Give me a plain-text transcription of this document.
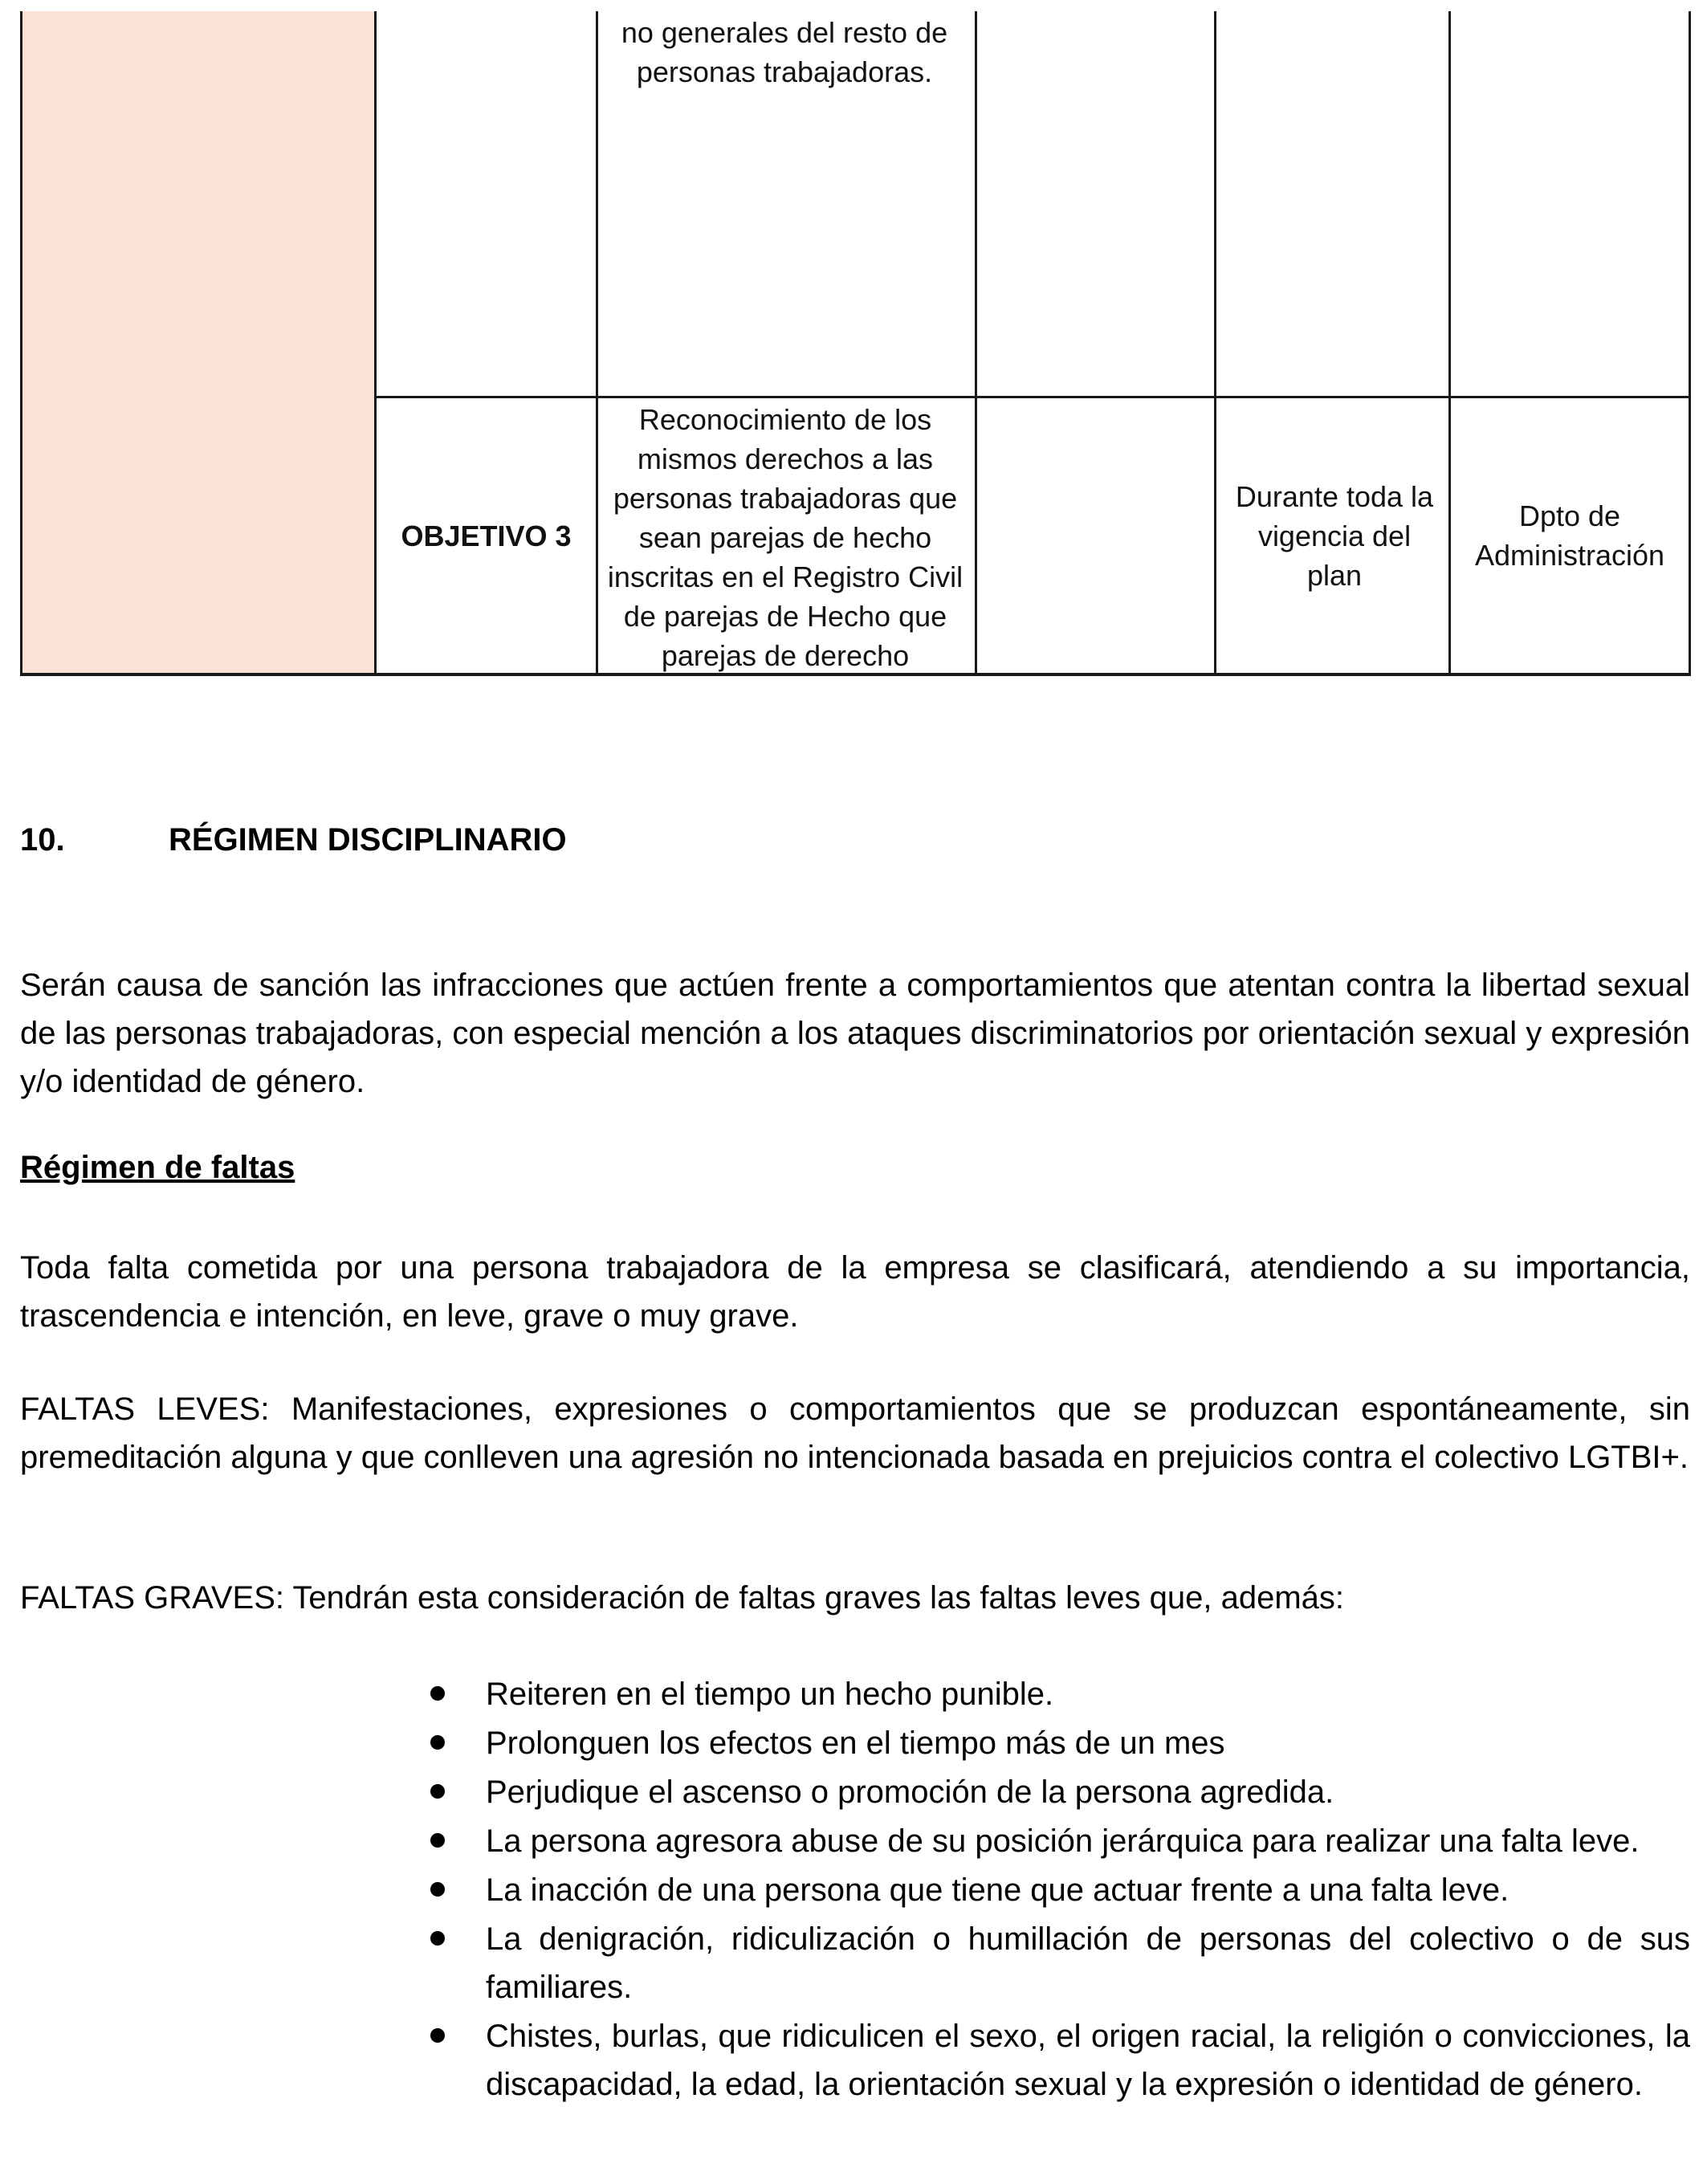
no generales del resto de personas trabajadoras.
OBJETIVO 3
Reconocimiento de los mismos derechos a las personas trabajadoras que sean parejas de hecho inscritas en el Registro Civil de parejas de Hecho que parejas de derecho
Durante toda la vigencia del plan
Dpto de Administración
10.	RÉGIMEN DISCIPLINARIO

Serán causa de sanción las infracciones que actúen frente a comportamientos que atentan contra la libertad sexual de las personas trabajadoras, con especial mención a los ataques discriminatorios por orientación sexual y expresión y/o identidad de género.

Régimen de faltas

Toda falta cometida por una persona trabajadora de la empresa se clasificará, atendiendo a su importancia, trascendencia e intención, en leve, grave o muy grave.

FALTAS LEVES: Manifestaciones, expresiones o comportamientos que se produzcan espontáneamente, sin premeditación alguna y que conlleven una agresión no intencionada basada en prejuicios contra el colectivo LGTBI+.

FALTAS GRAVES: Tendrán esta consideración de faltas graves las faltas leves que, además:

Reiteren en el tiempo un hecho punible.
Prolonguen los efectos en el tiempo más de un mes
Perjudique el ascenso o promoción de la persona agredida.
La persona agresora abuse de su posición jerárquica para realizar una falta leve.
La inacción de una persona que tiene que actuar frente a una falta leve.
La denigración, ridiculización o humillación de personas del colectivo o de sus familiares.
Chistes, burlas, que ridiculicen el sexo, el origen racial, la religión o convicciones, la discapacidad, la edad, la orientación sexual y la expresión o identidad de género.
